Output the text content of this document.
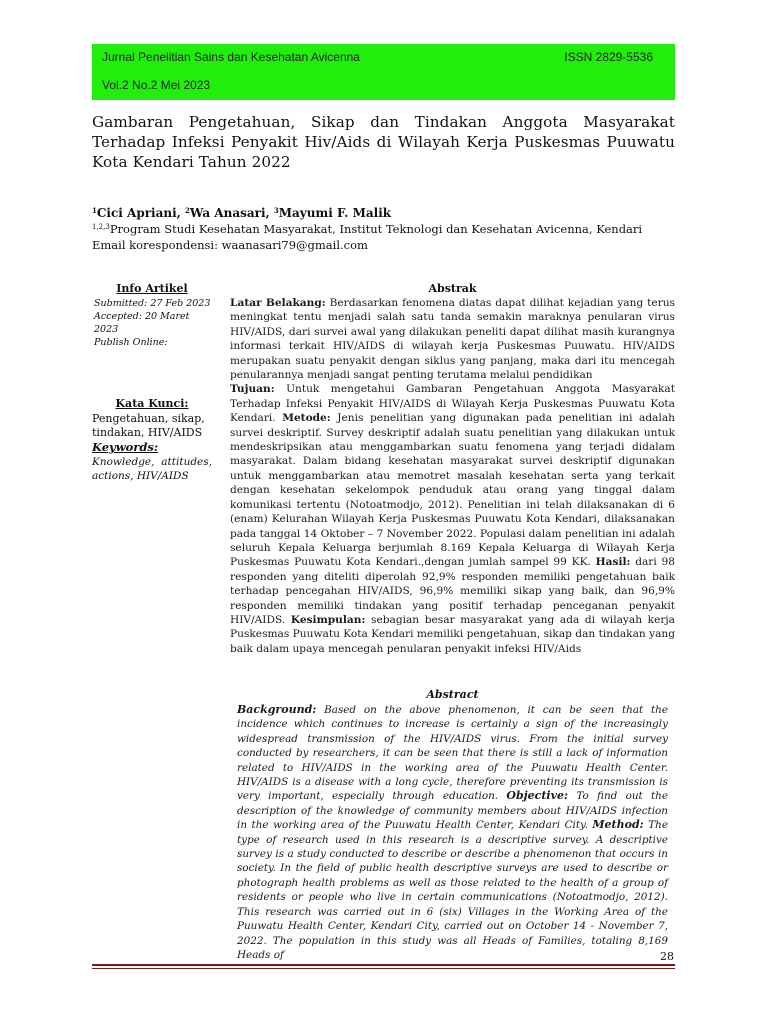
Jurnal Penelitian Sains dan Kesehatan Avicenna	ISSN 2829-5536
Vol.2 No.2 Mei 2023
Gambaran Pengetahuan, Sikap dan Tindakan Anggota Masyarakat Terhadap Infeksi Penyakit Hiv/Aids di Wilayah Kerja Puskesmas Puuwatu Kota Kendari Tahun 2022
$^1$Cici Apriani, $^2$Wa Anasari, $^3$Mayumi F. Malik
$^{1,2,3}$Program Studi Kesehatan Masyarakat, Institut Teknologi dan Kesehatan Avicenna, Kendari
Email korespondensi: waanasari79@gmail.com
Info Artikel
Submitted: 27 Feb 2023
Accepted: 20 Maret 2023
Publish Online:
Kata Kunci:
Pengetahuan, sikap, tindakan, HIV/AIDS
Keywords:
Knowledge, attitudes, actions, HIV/AIDS
Abstrak
Latar Belakang: Berdasarkan fenomena diatas dapat dilihat kejadian yang terus meningkat tentu menjadi salah satu tanda semakin maraknya penularan virus HIV/AIDS, dari survei awal yang dilakukan peneliti dapat dilihat masih kurangnya informasi terkait HIV/AIDS di wilayah kerja Puskesmas Puuwatu. HIV/AIDS merupakan suatu penyakit dengan siklus yang panjang, maka dari itu mencegah penularannya menjadi sangat penting terutama melalui pendidikan
Tujuan: Untuk mengetahui Gambaran Pengetahuan Anggota Masyarakat Terhadap Infeksi Penyakit HIV/AIDS di Wilayah Kerja Puskesmas Puuwatu Kota Kendari. Metode: Jenis penelitian yang digunakan pada penelitian ini adalah survei deskriptif. Survey deskriptif adalah suatu penelitian yang dilakukan untuk mendeskripsikan atau menggambarkan suatu fenomena yang terjadi didalam masyarakat. Dalam bidang kesehatan masyarakat survei deskriptif digunakan untuk menggambarkan atau memotret masalah kesehatan serta yang terkait dengan kesehatan sekelompok penduduk atau orang yang tinggal dalam komunikasi tertentu (Notoatmodjo, 2012). Penelitian ini telah dilaksanakan di 6 (enam) Kelurahan Wilayah Kerja Puskesmas Puuwatu Kota Kendari, dilaksanakan pada tanggal 14 Oktober – 7 November 2022. Populasi dalam penelitian ini adalah seluruh Kepala Keluarga berjumlah 8.169 Kepala Keluarga di Wilayah Kerja Puskesmas Puuwatu Kota Kendari.,dengan jumlah sampel 99 KK. Hasil: dari 98 responden yang diteliti diperolah 92,9% responden memiliki pengetahuan baik terhadap pencegahan HIV/AIDS, 96,9% memiliki sikap yang baik, dan 96,9% responden memiliki tindakan yang positif terhadap penceganan penyakit HIV/AIDS. Kesimpulan: sebagian besar masyarakat yang ada di wilayah kerja Puskesmas Puuwatu Kota Kendari memiliki pengetahuan, sikap dan tindakan yang baik dalam upaya mencegah penularan penyakit infeksi HIV/Aids
Abstract
Background: Based on the above phenomenon, it can be seen that the incidence which continues to increase is certainly a sign of the increasingly widespread transmission of the HIV/AIDS virus. From the initial survey conducted by researchers, it can be seen that there is still a lack of information related to HIV/AIDS in the working area of the Puuwatu Health Center. HIV/AIDS is a disease with a long cycle, therefore preventing its transmission is very important, especially through education. Objective: To find out the description of the knowledge of community members about HIV/AIDS infection in the working area of the Puuwatu Health Center, Kendari City. Method: The type of research used in this research is a descriptive survey. A descriptive survey is a study conducted to describe or describe a phenomenon that occurs in society. In the field of public health descriptive surveys are used to describe or photograph health problems as well as those related to the health of a group of residents or people who live in certain communications (Notoatmodjo, 2012). This research was carried out in 6 (six) Villages in the Working Area of the Puuwatu Health Center, Kendari City, carried out on October 14 - November 7, 2022. The population in this study was all Heads of Families, totaling 8,169 Heads of	28
